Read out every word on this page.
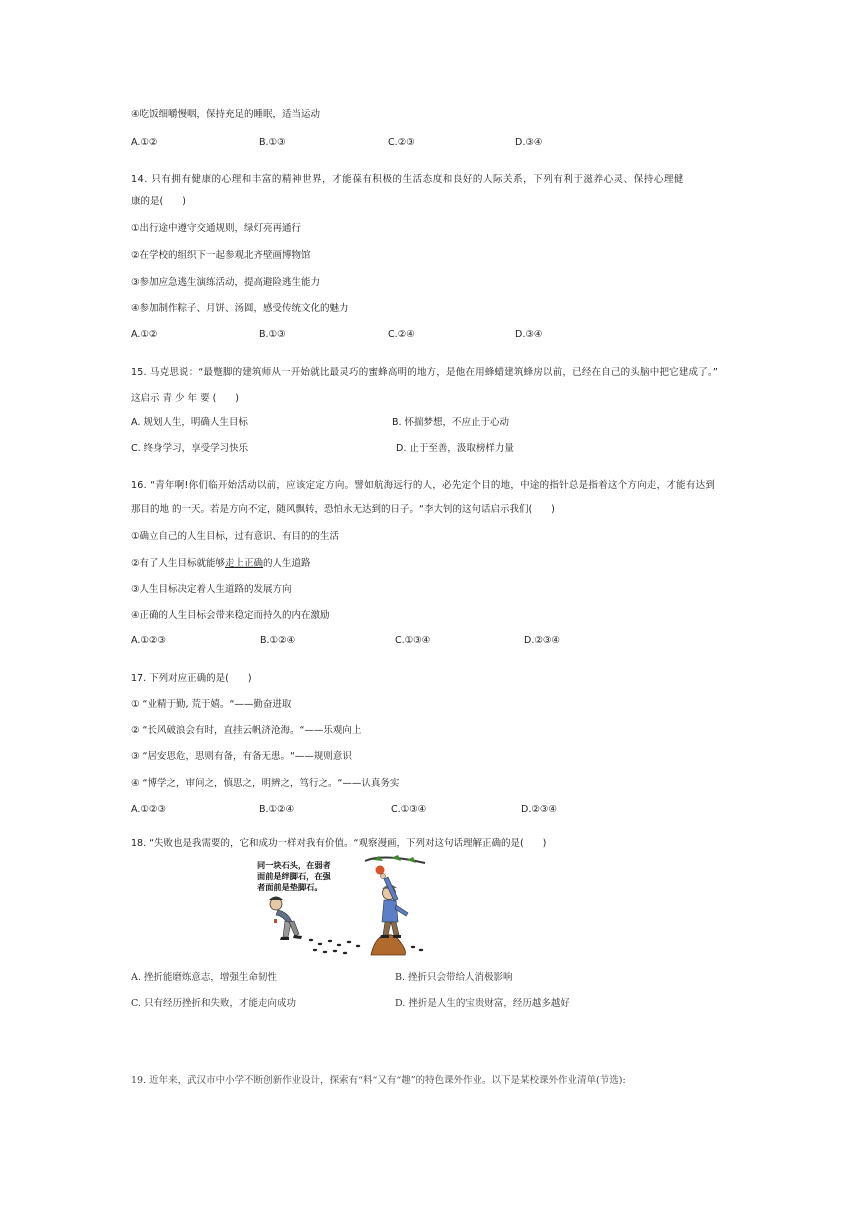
④吃饭细嚼慢咽，保持充足的睡眠，适当运动
A.①②	B.①③	C.②③	D.③④
14. 只有拥有健康的心理和丰富的精神世界，才能葆有积极的生活态度和良好的人际关系，下列有利于滋养心灵、保持心理健
康的是(　　)
①出行途中遵守交通规则，绿灯亮再通行
②在学校的组织下一起参观北齐壁画博物馆
③参加应急逃生演练活动，提高避险逃生能力
④参加制作粽子、月饼、汤圆，感受传统文化的魅力
A.①②	B.①③	C.②④	D.③④
15. 马克思说：“最蹩脚的建筑师从一开始就比最灵巧的蜜蜂高明的地方，是他在用蜂蜡建筑蜂房以前，已经在自己的头脑中把它建成了。”
这启示 青 少 年 要 (　　)
A. 规划人生，明确人生目标	B. 怀揣梦想，不应止于心动
C. 终身学习，享受学习快乐	D. 止于至善，汲取榜样力量
16. “青年啊!你们临开始活动以前，应该定定方向。譬如航海远行的人，必先定个目的地，中途的指针总是指着这个方向走，才能有达到
那目的地 的一天。若是方向不定，随风飘转，恐怕永无达到的日子。“李大钊的这句话启示我们(　　)
①确立自己的人生目标，过有意识、有目的的生活
②有了人生目标就能够走上正确的人生道路
③人生目标决定着人生道路的发展方向
④正确的人生目标会带来稳定而持久的内在激励
A.①②③	B.①②④	C.①③④	D.②③④
17. 下列对应正确的是(　　)
① “业精于勤, 荒于嬉。“——勤奋进取
② “长风破浪会有时，直挂云帆济沧海。“——乐观向上
③ “居安思危，思则有备，有备无患。“——规则意识
④ “博学之，审问之，慎思之，明辨之，笃行之。“——认真务实
A.①②③	B.①②④	C.①③④	D.②③④
18. “失败也是我需要的，它和成功一样对我有价值。“观察漫画，下列对这句话理解正确的是(　　)
同一块石头，在弱者
面前是绊脚石，在强
者面前是垫脚石。
A. 挫折能磨炼意志，增强生命韧性	B. 挫折只会带给人消极影响
C. 只有经历挫折和失败，才能走向成功	D. 挫折是人生的宝贵财富，经历越多越好
19. 近年来，武汉市中小学不断创新作业设计，探索有“料“又有“趣”的特色课外作业。以下是某校课外作业清单(节选):
